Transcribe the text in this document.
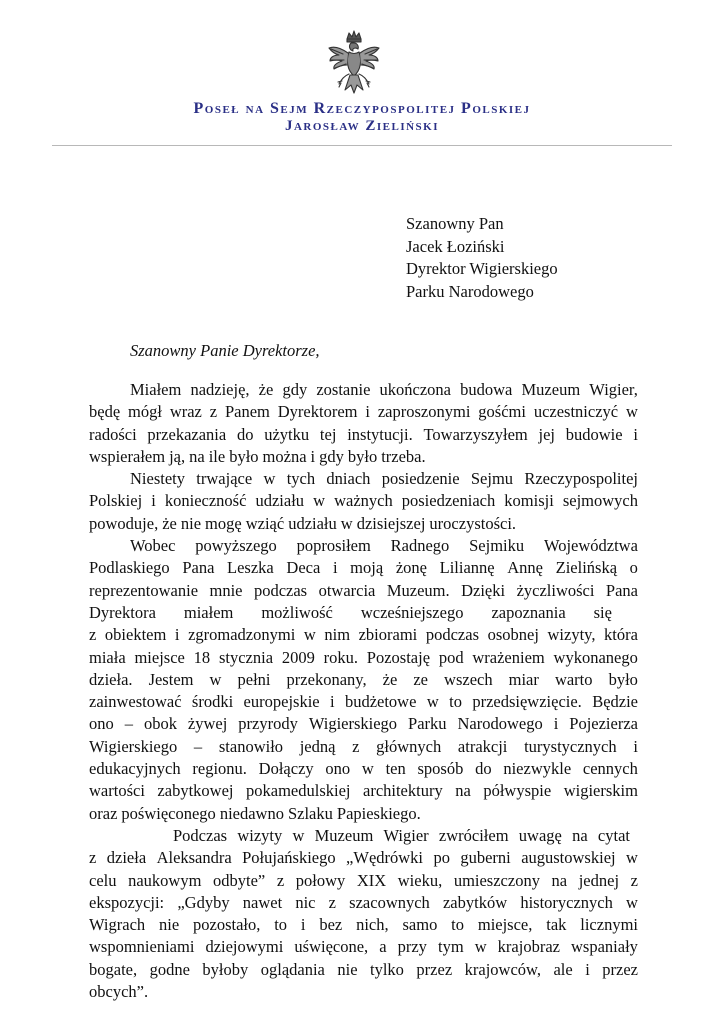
Poseł na Sejm Rzeczypospolitej Polskiej
Jarosław Zieliński
Szanowny Pan
Jacek Łoziński
Dyrektor Wigierskiego
Parku Narodowego
Szanowny Panie Dyrektorze,
Miałem nadzieję, że gdy zostanie ukończona budowa Muzeum Wigier,
będę mógł wraz z Panem Dyrektorem i zaproszonymi gośćmi uczestniczyć w
radości przekazania do użytku tej instytucji. Towarzyszyłem jej budowie i
wspierałem ją, na ile było można i gdy było trzeba.
Niestety trwające w tych dniach posiedzenie Sejmu Rzeczypospolitej
Polskiej i konieczność udziału w ważnych posiedzeniach komisji sejmowych
powoduje, że nie mogę wziąć udziału w dzisiejszej uroczystości.
Wobec powyższego poprosiłem Radnego Sejmiku Województwa
Podlaskiego Pana Leszka Deca i moją żonę Liliannę Annę Zielińską o
reprezentowanie mnie podczas otwarcia Muzeum. Dzięki życzliwości Pana
Dyrektora miałem możliwość wcześniejszego zapoznania się
z obiektem i zgromadzonymi w nim zbiorami podczas osobnej wizyty, która
miała miejsce 18 stycznia 2009 roku. Pozostaję pod wrażeniem wykonanego
dzieła. Jestem w pełni przekonany, że ze wszech miar warto było
zainwestować środki europejskie i budżetowe w to przedsięwzięcie. Będzie
ono – obok żywej przyrody Wigierskiego Parku Narodowego i Pojezierza
Wigierskiego – stanowiło jedną z głównych atrakcji turystycznych i
edukacyjnych regionu. Dołączy ono w ten sposób do niezwykle cennych
wartości zabytkowej pokamedulskiej architektury na półwyspie wigierskim
oraz poświęconego niedawno Szlaku Papieskiego.
Podczas wizyty w Muzeum Wigier zwróciłem uwagę na cytat
z dzieła Aleksandra Połujańskiego „Wędrówki po guberni augustowskiej w
celu naukowym odbyte” z połowy XIX wieku, umieszczony na jednej z
ekspozycji: „Gdyby nawet nic z szacownych zabytków historycznych w
Wigrach nie pozostało, to i bez nich, samo to miejsce, tak licznymi
wspomnieniami dziejowymi uświęcone, a przy tym w krajobraz wspaniały
bogate, godne byłoby oglądania nie tylko przez krajowców, ale i przez
obcych”.
